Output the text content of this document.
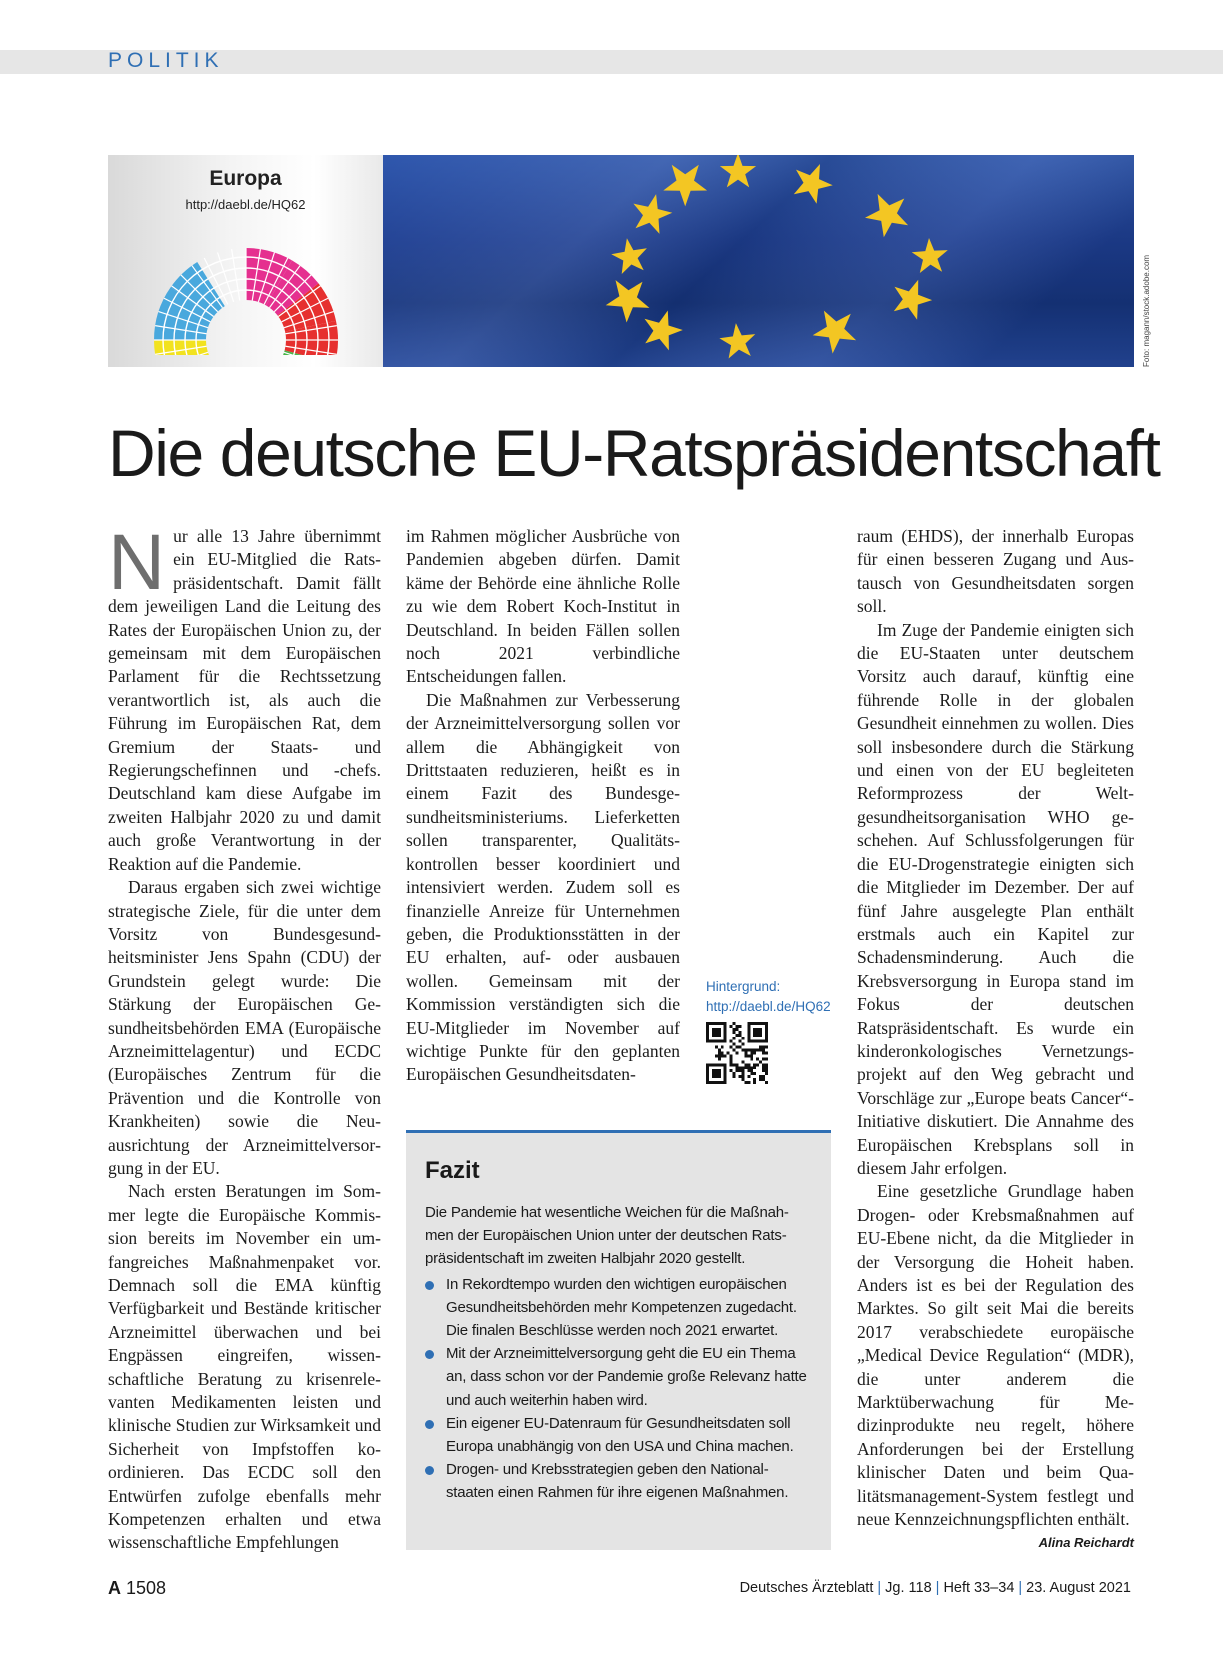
POLITIK
Europa
http://daebl.de/HQ62
Foto: magann/stock.adobe.com
Die deutsche EU-Ratspräsidentschaft

Nur alle 13 Jahre übernimmt ein EU-Mitglied die Ratspräsidentschaft. Damit fällt dem jeweiligen Land die Leitung des Rates der Europäischen Union zu, der gemeinsam mit dem Europäischen Parlament für die Rechtssetzung verantwortlich ist, als auch die Führung im Europäischen Rat, dem Gremium der Staats- und Regierungschefinnen und -chefs. Deutschland kam diese Aufgabe im zweiten Halbjahr 2020 zu und damit auch große Verantwortung in der Reaktion auf die Pandemie.

Daraus ergaben sich zwei wichtige strategische Ziele, für die unter dem Vorsitz von Bundesgesundheitsminister Jens Spahn (CDU) der Grundstein gelegt wurde: Die Stärkung der Europäischen Gesundheitsbehörden EMA (Europäische Arzneimittelagentur) und ECDC (Europäisches Zentrum für die Prävention und die Kontrolle von Krankheiten) sowie die Neuausrichtung der Arzneimittelversorgung in der EU.

Nach ersten Beratungen im Sommer legte die Europäische Kommission bereits im November ein umfangreiches Maßnahmenpaket vor. Demnach soll die EMA künftig Verfügbarkeit und Bestände kritischer Arzneimittel überwachen und bei Engpässen eingreifen, wissenschaftliche Beratung zu krisenrelevanten Medikamenten leisten und klinische Studien zur Wirksamkeit und Sicherheit von Impfstoffen koordinieren. Das ECDC soll den Entwürfen zufolge ebenfalls mehr Kompetenzen erhalten und etwa wissenschaftliche Empfehlungen

im Rahmen möglicher Ausbrüche von Pandemien abgeben dürfen. Damit käme der Behörde eine ähnliche Rolle zu wie dem Robert Koch-Institut in Deutschland. In beiden Fällen sollen noch 2021 verbindliche Entscheidungen fallen.

Die Maßnahmen zur Verbesserung der Arzneimittelversorgung sollen vor allem die Abhängigkeit von Drittstaaten reduzieren, heißt es in einem Fazit des Bundesgesundheitsministeriums. Lieferketten sollen transparenter, Qualitätskontrollen besser koordiniert und intensiviert werden. Zudem soll es finanzielle Anreize für Unternehmen geben, die Produktionsstätten in der EU erhalten, auf- oder ausbauen wollen. Gemeinsam mit der Kommission verständigten sich die EU-Mitglieder im November auf wichtige Punkte für den geplanten Europäischen Gesundheitsdaten-

Hintergrund:
http://daebl.de/HQ62

raum (EHDS), der innerhalb Europas für einen besseren Zugang und Austausch von Gesundheitsdaten sorgen soll.

Im Zuge der Pandemie einigten sich die EU-Staaten unter deutschem Vorsitz auch darauf, künftig eine führende Rolle in der globalen Gesundheit einnehmen zu wollen. Dies soll insbesondere durch die Stärkung und einen von der EU begleiteten Reformprozess der Weltgesundheitsorganisation WHO geschehen. Auf Schlussfolgerungen für die EU-Drogenstrategie einigten sich die Mitglieder im Dezember. Der auf fünf Jahre ausgelegte Plan enthält erstmals auch ein Kapitel zur Schadensminderung. Auch die Krebsversorgung in Europa stand im Fokus der deutschen Ratspräsidentschaft. Es wurde ein kinderonkologisches Vernetzungsprojekt auf den Weg gebracht und Vorschläge zur „Europe beats Cancer“-Initiative diskutiert. Die Annahme des Europäischen Krebsplans soll in diesem Jahr erfolgen.

Eine gesetzliche Grundlage haben Drogen- oder Krebsmaßnahmen auf EU-Ebene nicht, da die Mitglieder in der Versorgung die Hoheit haben. Anders ist es bei der Regulation des Marktes. So gilt seit Mai die bereits 2017 verabschiedete europäische „Medical Device Regulation“ (MDR), die unter anderem die Marktüberwachung für Medizinprodukte neu regelt, höhere Anforderungen bei der Erstellung klinischer Daten und beim Qualitätsmanagement-System festlegt und neue Kennzeichnungspflichten enthält.
Alina Reichardt

Fazit

Die Pandemie hat wesentliche Weichen für die Maßnahmen der Europäischen Union unter der deutschen Ratspräsidentschaft im zweiten Halbjahr 2020 gestellt.

In Rekordtempo wurden den wichtigen europäischen Gesundheitsbehörden mehr Kompetenzen zugedacht. Die finalen Beschlüsse werden noch 2021 erwartet.
Mit der Arzneimittelversorgung geht die EU ein Thema an, dass schon vor der Pandemie große Relevanz hatte und auch weiterhin haben wird.
Ein eigener EU-Datenraum für Gesundheitsdaten soll Europa unabhängig von den USA und China machen.
Drogen- und Krebsstrategien geben den Nationalstaaten einen Rahmen für ihre eigenen Maßnahmen.
A 1508	Deutsches Ärzteblatt | Jg. 118 | Heft 33–34 | 23. August 2021
